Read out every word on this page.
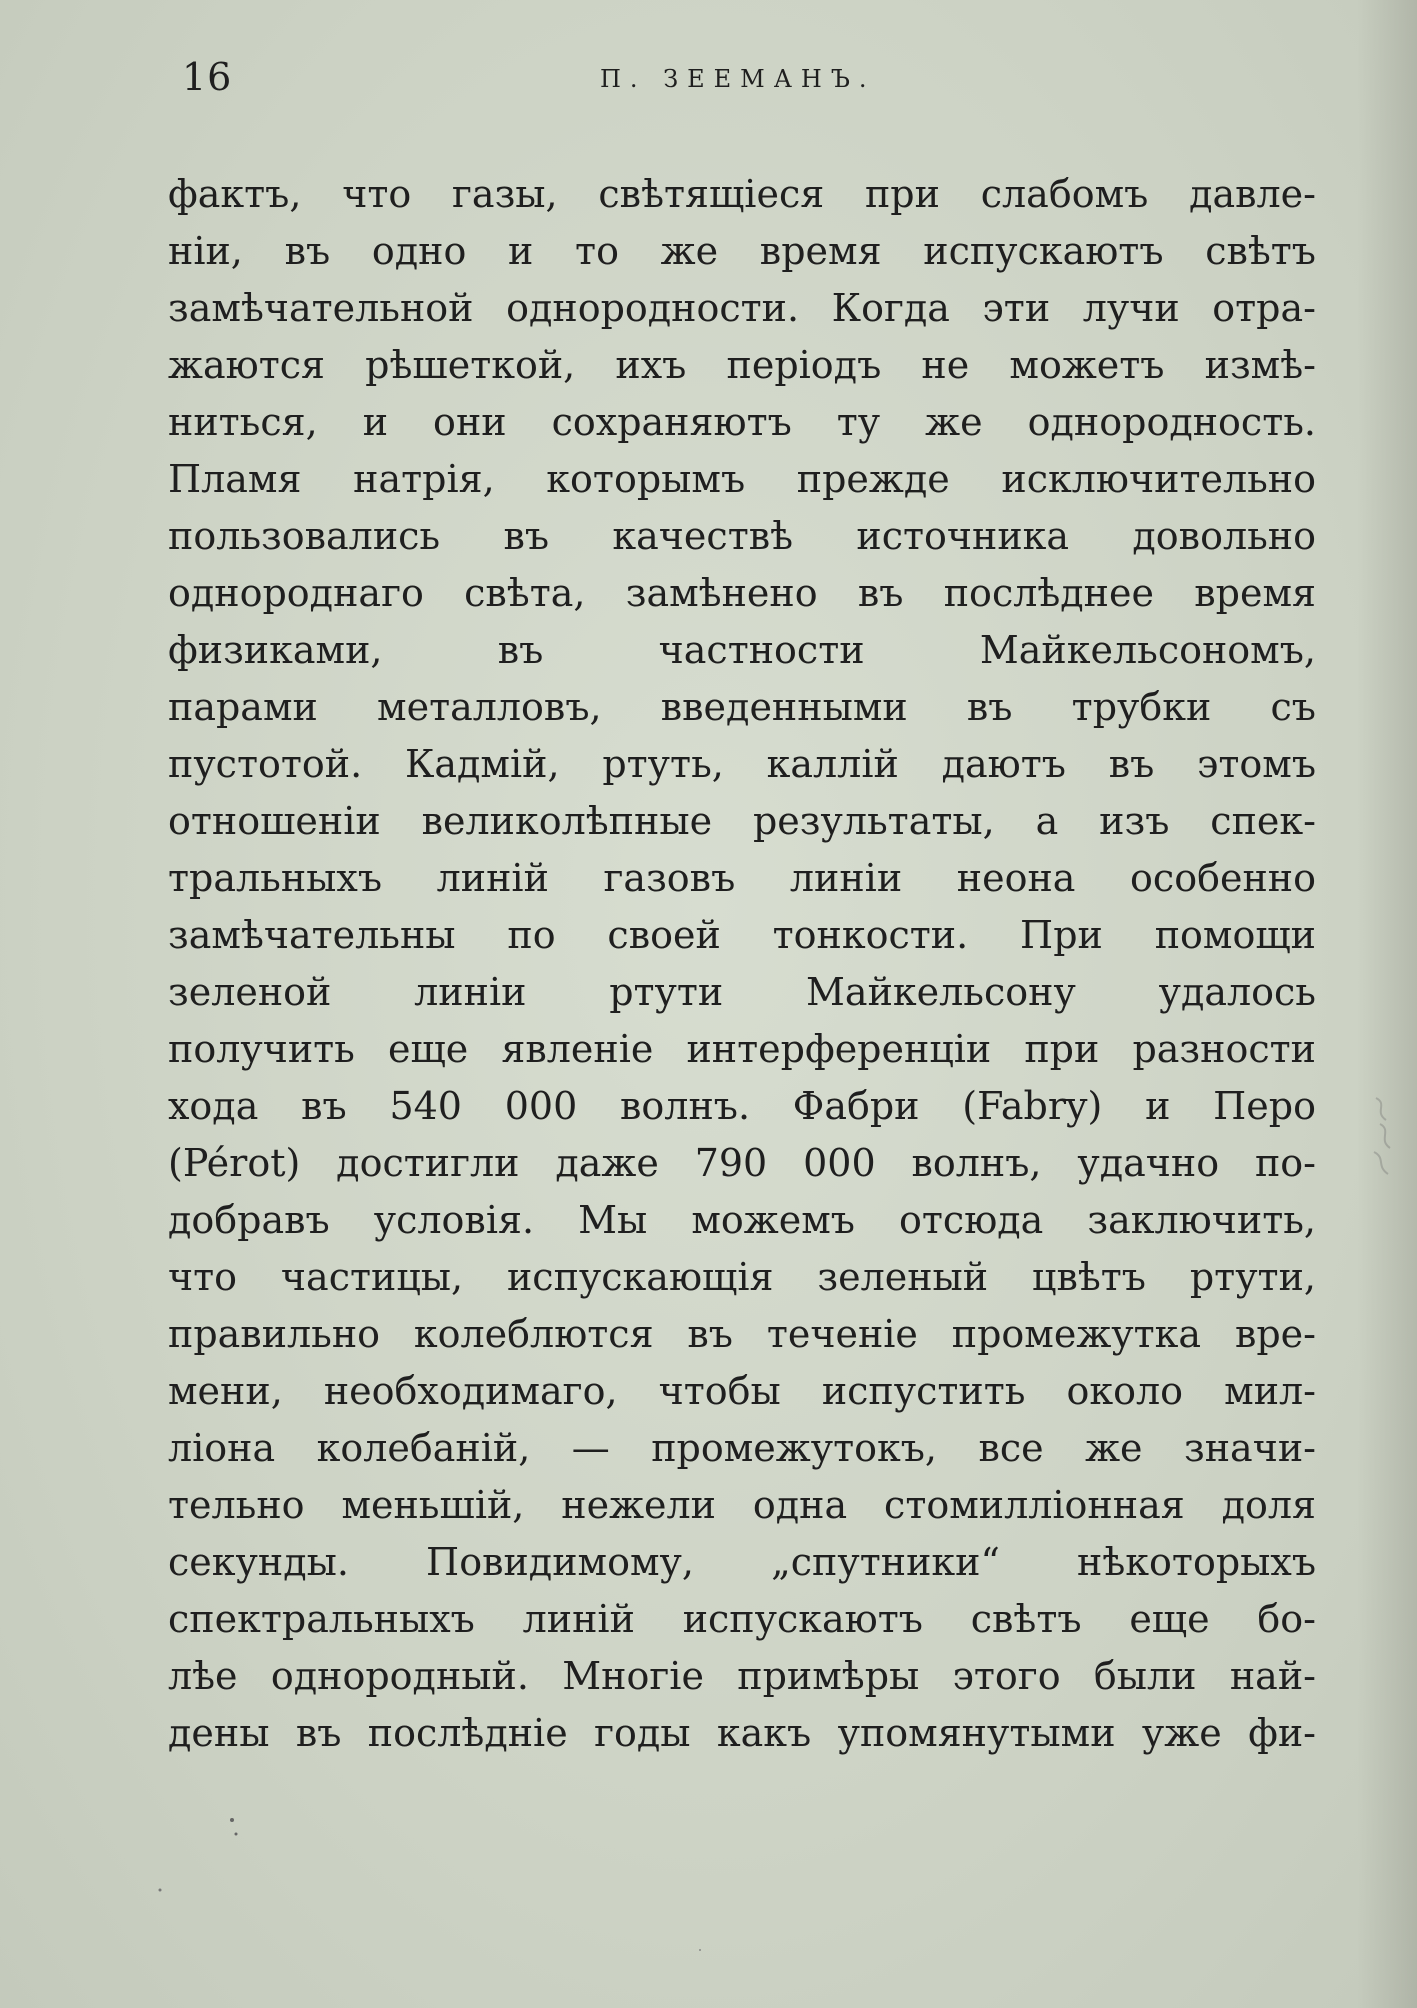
16	П. ЗЕЕМАНЪ.
фактъ, что газы, свѣтящіеся при слабомъ давле-
ніи, въ одно и то же время испускаютъ свѣтъ
замѣчательной однородности. Когда эти лучи отра-
жаются рѣшеткой, ихъ періодъ не можетъ измѣ-
ниться, и они сохраняютъ ту же однородность.
Пламя натрія, которымъ прежде исключительно
пользовались въ качествѣ источника довольно
однороднаго свѣта, замѣнено въ послѣднее время
физиками, въ частности Майкельсономъ,
парами металловъ, введенными въ трубки съ
пустотой. Кадмій, ртуть, каллій даютъ въ этомъ
отношеніи великолѣпные результаты, а изъ спек-
тральныхъ линій газовъ линіи неона особенно
замѣчательны по своей тонкости. При помощи
зеленой линіи ртути Майкельсону удалось
получить еще явленіе интерференціи при разности
хода въ 540 000 волнъ. Фабри (Fabry) и Перо
(Pérot) достигли даже 790 000 волнъ, удачно по-
добравъ условія. Мы можемъ отсюда заключить,
что частицы, испускающія зеленый цвѣтъ ртути,
правильно колеблются въ теченіе промежутка вре-
мени, необходимаго, чтобы испустить около мил-
ліона колебаній, — промежутокъ, все же значи-
тельно меньшій, нежели одна стомилліонная доля
секунды. Повидимому, „спутники“ нѣкоторыхъ
спектральныхъ линій испускаютъ свѣтъ еще бо-
лѣе однородный. Многіе примѣры этого были най-
дены въ послѣдніе годы какъ упомянутыми уже фи-
